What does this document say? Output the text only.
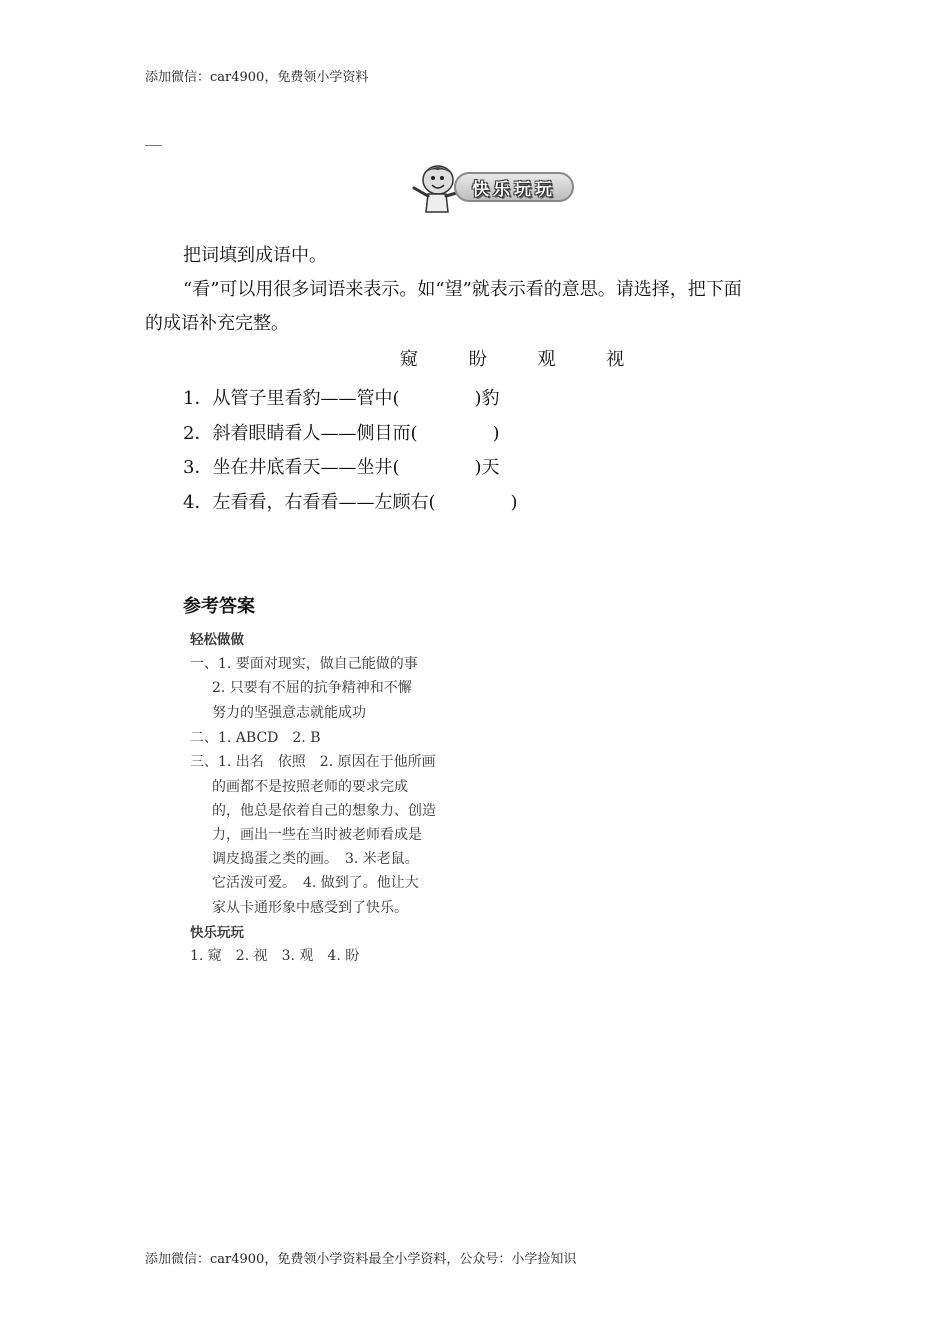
添加微信：car4900，免费领小学资料
快乐玩玩
把词填到成语中。
“看”可以用很多词语来表示。如“望”就表示看的意思。请选择，把下面
的成语补充完整。
窥	盼	观	视
1．从管子里看豹——管中(	)豹
2．斜着眼睛看人——侧目而(	)
3．坐在井底看天——坐井(	)天
4．左看看，右看看——左顾右(	)
参考答案
轻松做做
一、1. 要面对现实，做自己能做的事
2. 只要有不屈的抗争精神和不懈
努力的坚强意志就能成功
二、1. ABCD　2. B
三、1. 出名　依照　2. 原因在于他所画
的画都不是按照老师的要求完成
的，他总是依着自己的想象力、创造
力，画出一些在当时被老师看成是
调皮捣蛋之类的画。　3. 米老鼠。
它活泼可爱。　4. 做到了。他让大
家从卡通形象中感受到了快乐。
快乐玩玩
1. 窥　2. 视　3. 观　4. 盼
添加微信：car4900，免费领小学资料最全小学资料，公众号：小学捡知识
